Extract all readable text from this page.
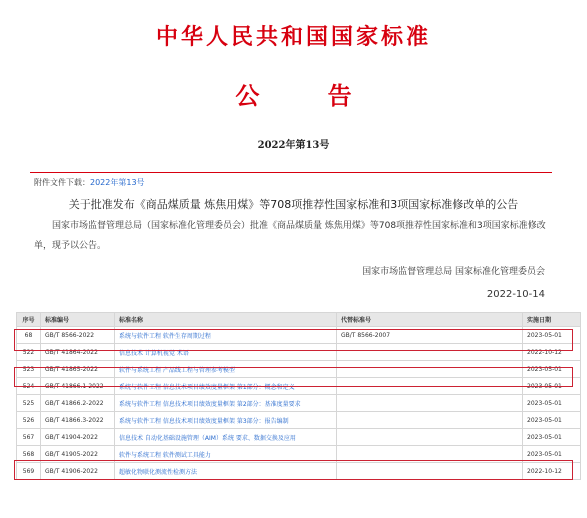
中华人民共和国国家标准
公 告
2022年第13号
附件文件下载：2022年第13号
关于批准发布《商品煤质量 炼焦用煤》等708项推荐性国家标准和3项国家标准修改单的公告
国家市场监督管理总局（国家标准化管理委员会）批准《商品煤质量 炼焦用煤》等708项推荐性国家标准和3项国家标准修改单，现予以公告。
国家市场监督管理总局 国家标准化管理委员会
2022-10-14
序号	标准编号	标准名称	代替标准号	实施日期
68	GB/T 8566-2022	系统与软件工程 软件生存周期过程	GB/T 8566-2007	2023-05-01
522	GB/T 41864-2022	信息技术 计算机视觉 术语		2022-10-12
523	GB/T 41865-2022	软件与系统工程 产品线工程与管理参考模型		2023-05-01
524	GB/T 41866.1-2022	系统与软件工程 信息技术项目绩效度量框架 第1部分：概念和定义		2023-05-01
525	GB/T 41866.2-2022	系统与软件工程 信息技术项目绩效度量框架 第2部分：基准度量要求		2023-05-01
526	GB/T 41866.3-2022	系统与软件工程 信息技术项目绩效度量框架 第3部分：报告编制		2023-05-01
567	GB/T 41904-2022	信息技术 自动化基础设施管理（AIM）系统 要求、数据交换及应用		2023-05-01
568	GB/T 41905-2022	软件与系统工程 软件测试工具能力		2023-05-01
569	GB/T 41906-2022	超敏化物联化测流性检测方法		2022-10-12
